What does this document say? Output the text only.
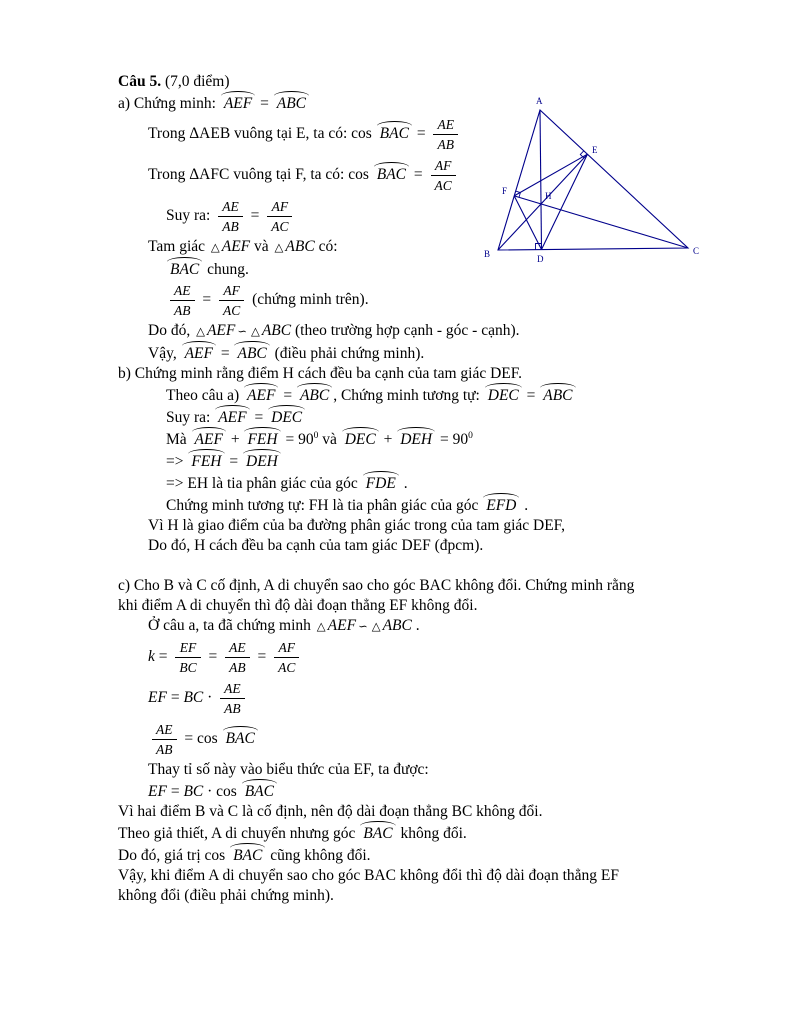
Câu 5. (7,0 điểm)
a) Chứng minh: AEF = ABC
Trong ΔAEB vuông tại E, ta có: cos BAC = $\frac{AE}{AB}$
Trong ΔAFC vuông tại F, ta có: cos BAC = $\frac{AF}{AC}$
Suy ra: $\frac{AE}{AB} = \frac{AF}{AC}$
Tam giác △ AEF và △ ABC có:
BAC chung.
$\frac{AE}{AB} = \frac{AF}{AC}$ (chứng minh trên).
Do đó, △ AEF ∽ △ ABC (theo trường hợp cạnh - góc - cạnh).
Vậy, AEF = ABC (điều phải chứng minh).
b) Chứng minh rằng điểm H cách đều ba cạnh của tam giác DEF.
Theo câu a) AEF = ABC , Chứng minh tương tự: DEC = ABC
Suy ra: AEF = DEC
Mà AEF + FEH = $90^0$ và DEC + DEH = $90^0$
=> FEH = DEH
=> EH là tia phân giác của góc FDE .
Chứng minh tương tự: FH là tia phân giác của góc EFD .
Vì H là giao điểm của ba đường phân giác trong của tam giác DEF,
Do đó, H cách đều ba cạnh của tam giác DEF (đpcm).
c) Cho B và C cố định, A di chuyển sao cho góc BAC không đổi. Chứng minh rằng
khi điểm A di chuyển thì độ dài đoạn thẳng EF không đổi.
Ở câu a, ta đã chứng minh △ AEF ∽ △ ABC .
$k = \frac{EF}{BC} = \frac{AE}{AB} = \frac{AF}{AC}$
EF = BC · $\frac{AE}{AB}$
$\frac{AE}{AB} = \cos$ BAC
Thay tỉ số này vào biểu thức của EF, ta được:
EF = BC · cos BAC
Vì hai điểm B và C là cố định, nên độ dài đoạn thẳng BC không đổi.
Theo giả thiết, A di chuyển nhưng góc BAC không đổi.
Do đó, giá trị cos BAC cũng không đổi.
Vậy, khi điểm A di chuyển sao cho góc BAC không đổi thì độ dài đoạn thẳng EF
không đổi (điều phải chứng minh).
A
B	C
D
E
F	H
